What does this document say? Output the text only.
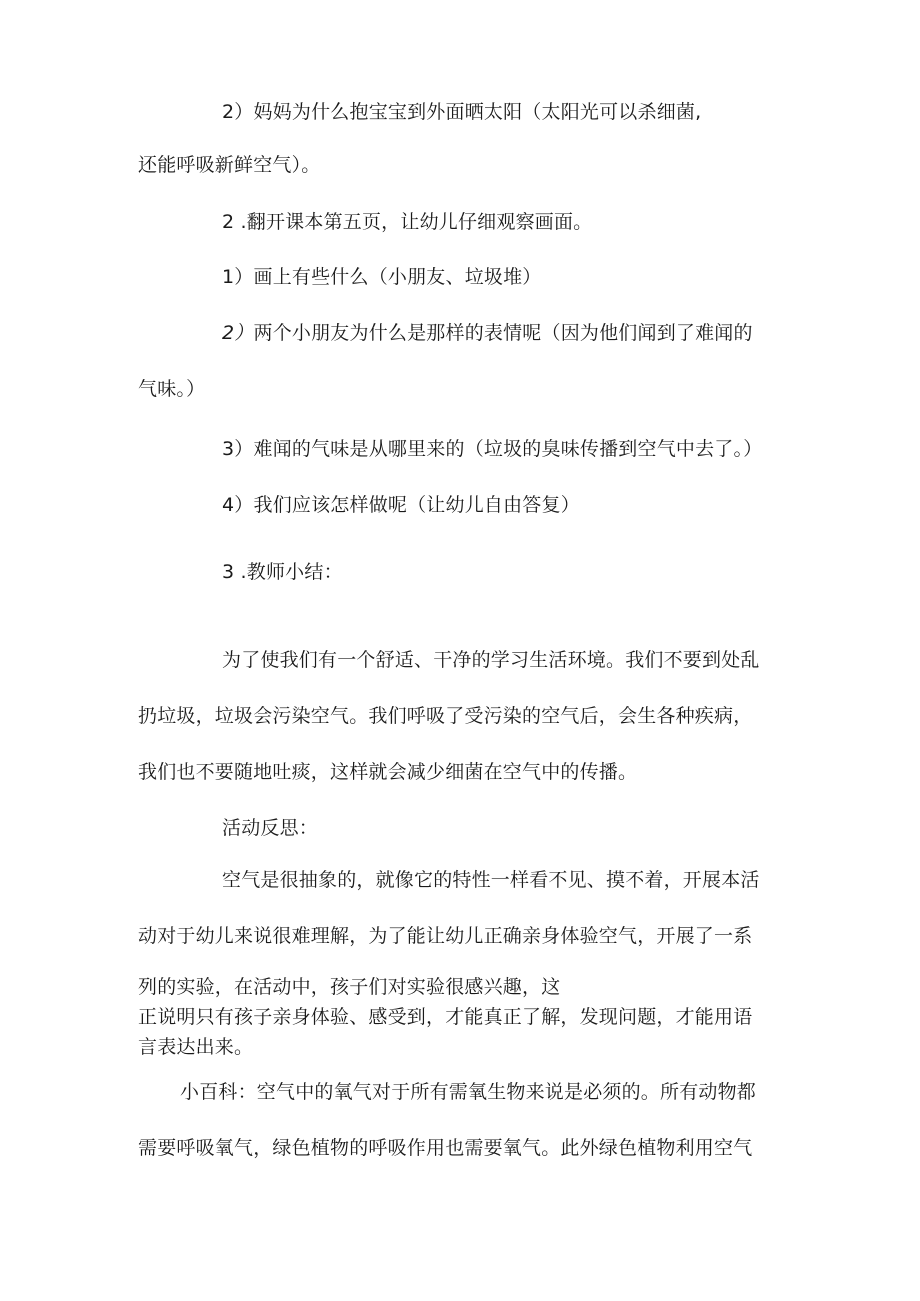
2）妈妈为什么抱宝宝到外面晒太阳（太阳光可以杀细菌,
还能呼吸新鲜空气）。
2 .翻开课本第五页，让幼儿仔细观察画面。
1）画上有些什么（小朋友、垃圾堆）
2）两个小朋友为什么是那样的表情呢（因为他们闻到了难闻的
气味。）
3）难闻的气味是从哪里来的（垃圾的臭味传播到空气中去了。）
4）我们应该怎样做呢（让幼儿自由答复）
3 .教师小结：
为了使我们有一个舒适、干净的学习生活环境。我们不要到处乱
扔垃圾，垃圾会污染空气。我们呼吸了受污染的空气后，会生各种疾病，
我们也不要随地吐痰，这样就会减少细菌在空气中的传播。
活动反思：
空气是很抽象的，就像它的特性一样看不见、摸不着，开展本活
动对于幼儿来说很难理解，为了能让幼儿正确亲身体验空气，开展了一系
列的实验，在活动中，孩子们对实验很感兴趣，这
正说明只有孩子亲身体验、感受到，才能真正了解，发现问题，才能用语
言表达出来。
小百科：空气中的氧气对于所有需氧生物来说是必须的。所有动物都
需要呼吸氧气，绿色植物的呼吸作用也需要氧气。此外绿色植物利用空气
